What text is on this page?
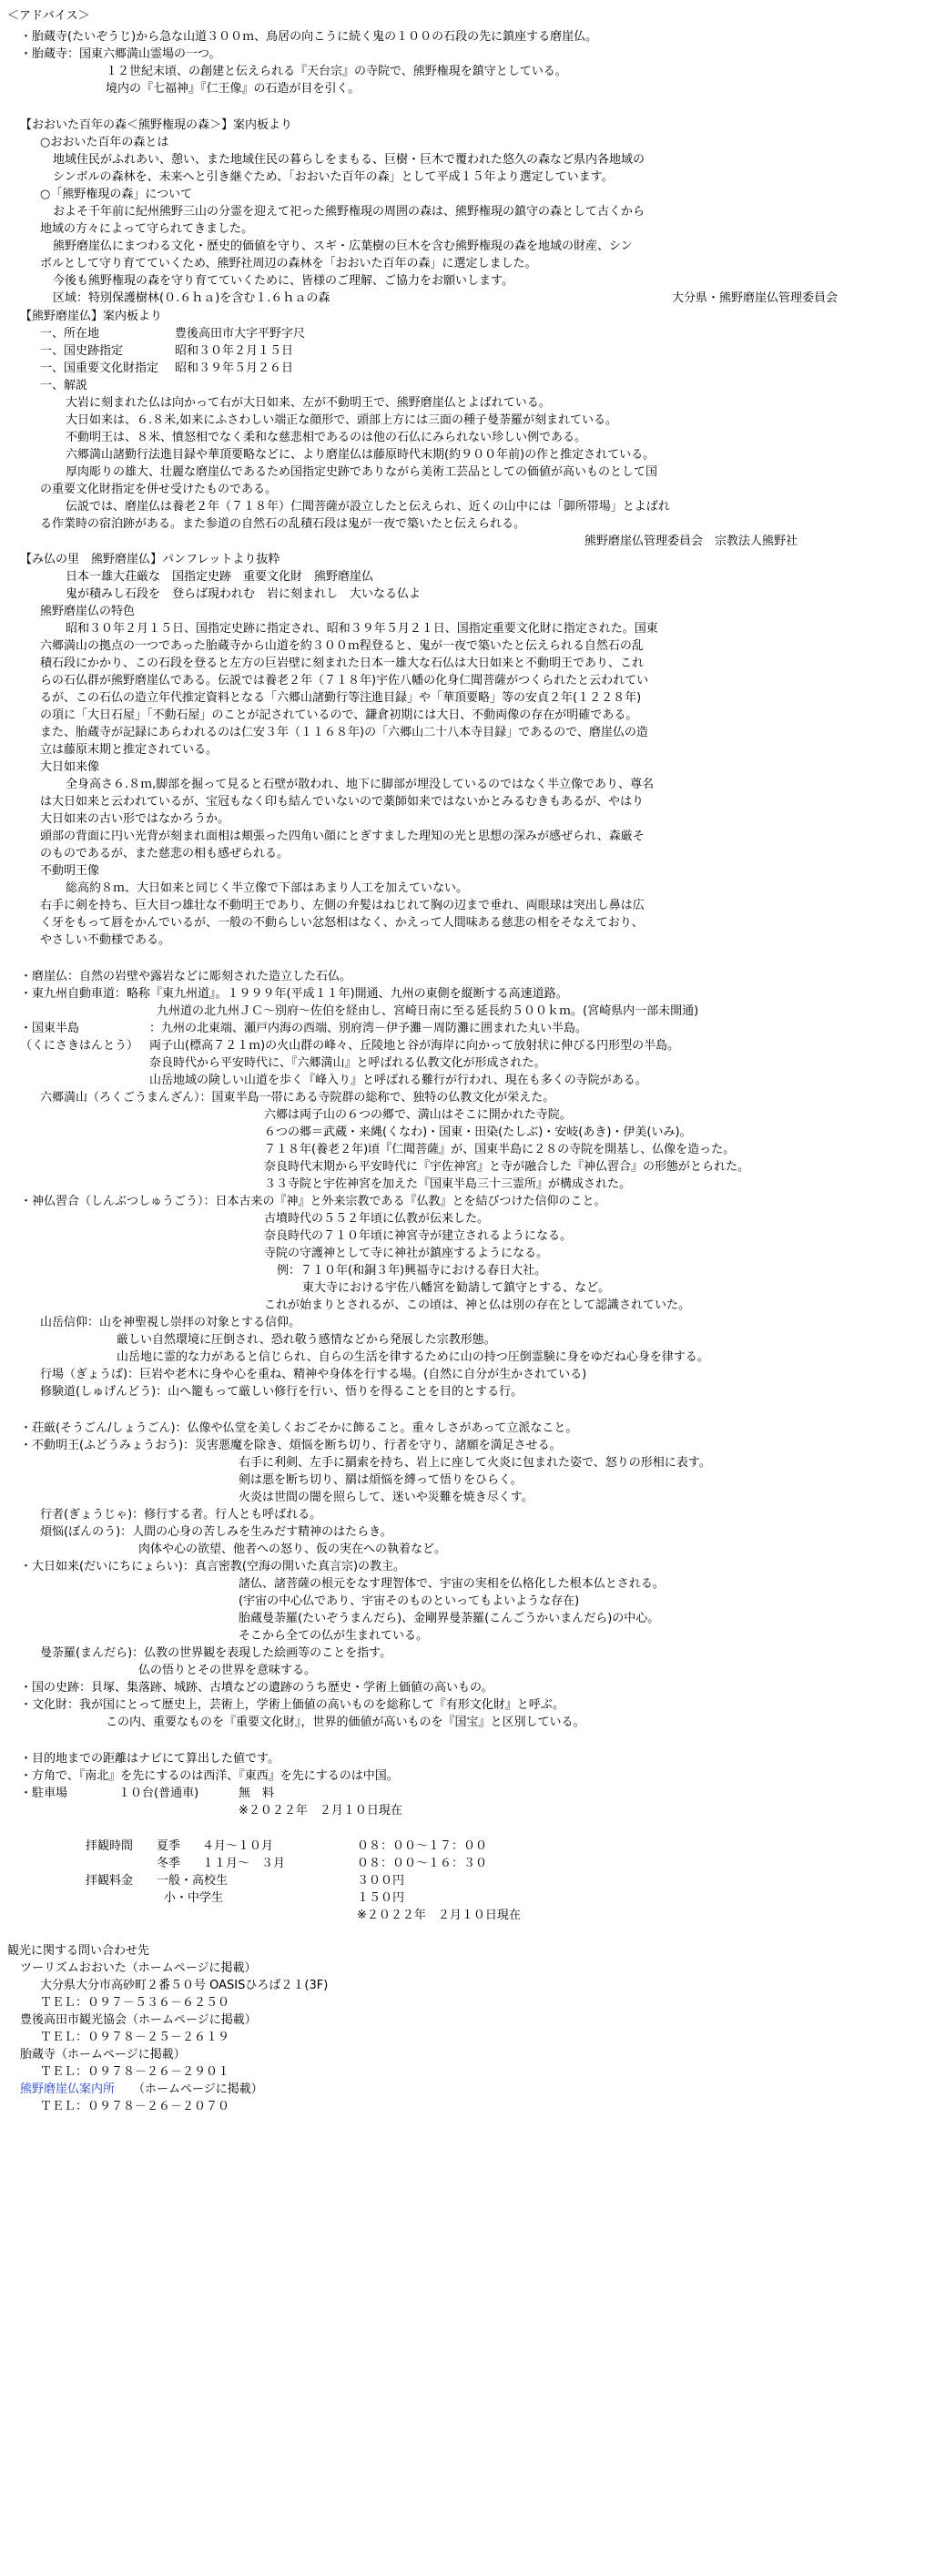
＜アドバイス＞
・胎蔵寺(たいぞうじ)から急な山道３００ｍ、鳥居の向こうに続く鬼の１００の石段の先に鎮座する磨崖仏。
・胎蔵寺：国東六郷満山霊場の一つ。
１２世紀末頃、の創建と伝えられる『天台宗』の寺院で、熊野権現を鎮守としている。
境内の『七福神』『仁王像』の石造が目を引く。
【おおいた百年の森＜熊野権現の森＞】案内板より
○おおいた百年の森とは
地域住民がふれあい、憩い、また地域住民の暮らしをまもる、巨樹・巨木で覆われた悠久の森など県内各地域の
シンボルの森林を、未来へと引き継ぐため、「おおいた百年の森」として平成１５年より選定しています。
○「熊野権現の森」について
およそ千年前に紀州熊野三山の分霊を迎えて祀った熊野権現の周囲の森は、熊野権現の鎮守の森として古くから
地域の方々によって守られてきました。
熊野磨崖仏にまつわる文化・歴史的価値を守り、スギ・広葉樹の巨木を含む熊野権現の森を地域の財産、シン
ボルとして守り育てていくため、熊野社周辺の森林を「おおいた百年の森」に選定しました。
今後も熊野権現の森を守り育てていくために、皆様のご理解、ご協力をお願いします。
区域：特別保護樹林(０.６ｈａ)を含む１.６ｈａの森	大分県・熊野磨崖仏管理委員会
【熊野磨崖仏】案内板より
一、所在地	豊後高田市大字平野字尺
一、国史跡指定	昭和３０年２月１５日
一、国重要文化財指定 昭和３９年５月２６日
一、解説
大岩に刻まれた仏は向かって右が大日如来、左が不動明王で、熊野磨崖仏とよばれている。
大日如来は、６.８米,如来にふさわしい端正な顔形で、頭部上方には三面の種子曼荼羅が刻まれている。
不動明王は、８米、憤怒相でなく柔和な慈悲相であるのは他の石仏にみられない珍しい例である。
六郷満山諸勤行法進目録や華頂要略などに、より磨崖仏は藤原時代末期(約９００年前)の作と推定されている。
厚肉彫りの雄大、壮麗な磨崖仏であるため国指定史跡でありながら美術工芸品としての価値が高いものとして国
の重要文化財指定を併せ受けたものである。
伝説では、磨崖仏は養老２年（７１８年）仁聞菩薩が設立したと伝えられ、近くの山中には「御所帯場」とよばれ
る作業時の宿泊跡がある。また参道の自然石の乱積石段は鬼が一夜で築いたと伝えられる。
熊野磨崖仏管理委員会　宗教法人熊野社
【み仏の里　熊野磨崖仏】パンフレットより抜粋
日本一雄大荘厳な　国指定史跡　重要文化財　熊野磨崖仏
鬼が積みし石段を　登らば現われむ　岩に刻まれし　大いなる仏よ
熊野磨崖仏の特色
昭和３０年２月１５日、国指定史跡に指定され、昭和３９年５月２１日、国指定重要文化財に指定された。国東
六郷満山の拠点の一つであった胎蔵寺から山道を約３００ｍ程登ると、鬼が一夜で築いたと伝えられる自然石の乱
積石段にかかり、この石段を登ると左方の巨岩壁に刻まれた日本一雄大な石仏は大日如来と不動明王であり、これ
らの石仏群が熊野磨崖仏である。伝説では養老２年（７１８年)宇佐八幡の化身仁聞菩薩がつくられたと云われてい
るが、この石仏の造立年代推定資料となる「六郷山諸勤行等注進目録」や「華頂要略」等の安貞２年(１２２８年)
の項に「大日石屋」「不動石屋」のことが記されているので、鎌倉初期には大日、不動両像の存在が明確である。
また、胎蔵寺が記録にあらわれるのは仁安３年（１１６８年)の「六郷山二十八本寺目録」であるので、磨崖仏の造
立は藤原末期と推定されている。
大日如来像
全身高さ６.８ｍ,脚部を掘って見ると石壁が散われ、地下に脚部が埋没しているのではなく半立像であり、尊名
は大日如来と云われているが、宝冠もなく印も結んでいないので薬師如来ではないかとみるむきもあるが、やはり
大日如来の古い形ではなかろうか。
頭部の背面に円い光背が刻まれ面相は頬張った四角い顔にとぎすました理知の光と思想の深みが感ぜられ、森厳そ
のものであるが、また慈悲の相も感ぜられる。
不動明王像
総高約８ｍ、大日如来と同じく半立像で下部はあまり人工を加えていない。
右手に剣を持ち、巨大目つ雄壮な不動明王であり、左側の弁髪はねじれて胸の辺まで垂れ、両眼球は突出し鼻は広
く牙をもって唇をかんでいるが、一般の不動らしい忿怒相はなく、かえって人間味ある慈悲の相をそなえており、
やさしい不動様である。
・磨崖仏：自然の岩壁や露岩などに彫刻された造立した石仏。
・東九州自動車道：略称『東九州道』。１９９９年(平成１１年)開通、九州の東側を縦断する高速道路。
九州道の北九州ＪＣ～別府～佐伯を経由し、宮崎日南に至る延長約５００ｋｍ。(宮崎県内一部未開通)
・国東半島	：九州の北東端、瀬戸内海の西端、別府湾－伊予灘－周防灘に囲まれた丸い半島。
（くにさきはんとう） 両子山(標高７２１ｍ)の火山群の峰々、丘陵地と谷が海岸に向かって放射状に伸びる円形型の半島。
奈良時代から平安時代に、『六郷満山』と呼ばれる仏教文化が形成された。
山岳地域の険しい山道を歩く『峰入り』と呼ばれる難行が行われ、現在も多くの寺院がある。
六郷満山（ろくごうまんざん）：国東半島一帯にある寺院群の総称で、独特の仏教文化が栄えた。
六郷は両子山の６つの郷で、満山はそこに開かれた寺院。
６つの郷＝武蔵・来縄(くなわ)・国東・田染(たしぶ)・安岐(あき)・伊美(いみ)。
７１８年(養老２年)頃『仁聞菩薩』が、国東半島に２８の寺院を開基し、仏像を造った。
奈良時代末期から平安時代に『宇佐神宮』と寺が融合した『神仏習合』の形態がとられた。
３３寺院と宇佐神宮を加えた『国東半島三十三霊所』が構成された。
・神仏習合（しんぶつしゅうごう）：日本古来の『神』と外来宗教である『仏教』とを結びつけた信仰のこと。
古墳時代の５５２年頃に仏教が伝来した。
奈良時代の７１０年頃に神宮寺が建立されるようになる。
寺院の守護神として寺に神社が鎮座するようになる。
例：７１０年(和銅３年)興福寺における春日大社。
東大寺における宇佐八幡宮を勧請して鎮守とする、など。
これが始まりとされるが、この頃は、神と仏は別の存在として認識されていた。
山岳信仰：山を神聖視し崇拝の対象とする信仰。
厳しい自然環境に圧倒され、恐れ敬う感情などから発展した宗教形態。
山岳地に霊的な力があると信じられ、自らの生活を律するために山の持つ圧倒霊験に身をゆだね心身を律する。
行場（ぎょうば)：巨岩や老木に身や心を重ね、精神や身体を行する場。(自然に自分が生かされている)
修験道(しゅげんどう)：山へ籠もって厳しい修行を行い、悟りを得ることを目的とする行。
・荘厳(そうごん/しょうごん)：仏像や仏堂を美しくおごそかに飾ること。重々しさがあって立派なこと。
・不動明王(ふどうみょうおう)：災害悪魔を除き、煩悩を断ち切り、行者を守り、諸願を満足させる。
右手に利剣、左手に羂索を持ち、岩上に座して火炎に包まれた姿で、怒りの形相に表す。
剣は悪を断ち切り、羂は煩悩を縛って悟りをひらく。
火炎は世間の闇を照らして、迷いや災難を焼き尽くす。
行者(ぎょうじゃ)：修行する者。行人とも呼ばれる。
煩悩(ぼんのう)：人間の心身の苦しみを生みだす精神のはたらき。
肉体や心の欲望、他者への怒り、仮の実在への執着など。
・大日如来(だいにちにょらい)：真言密教(空海の開いた真言宗)の教主。
諸仏、諸菩薩の根元をなす理智体で、宇宙の実相を仏格化した根本仏とされる。
(宇宙の中心仏であり、宇宙そのものといってもよいような存在)
胎蔵曼荼羅(たいぞうまんだら)、金剛界曼荼羅(こんごうかいまんだら)の中心。
そこから全ての仏が生まれている。
曼荼羅(まんだら)：仏教の世界観を表現した絵画等のことを指す。
仏の悟りとその世界を意味する。
・国の史跡：貝塚、集落跡、城跡、古墳などの遺跡のうち歴史・学術上価値の高いもの。
・文化財：我が国にとって歴史上，芸術上，学術上価値の高いものを総称して『有形文化財』と呼ぶ。
この内、重要なものを『重要文化財』，世界的価値が高いものを『国宝』と区別している。
・目的地までの距離はナビにて算出した値です。
・方角で、『南北』を先にするのは西洋、『東西』を先にするのは中国。
・駐車場	１０台(普通車)	無　料
※２０２２年　２月１０日現在
拝観時間 夏季 ４月～１０月	０８：００～１７：００
冬季 １１月～　３月	０８：００～１６：３０
拝観料金 一般・高校生	３００円
小・中学生	１５０円
※２０２２年　２月１０日現在
観光に関する問い合わせ先
ツーリズムおおいた（ホームページに掲載）
大分県大分市高砂町２番５０号 OASISひろば２１(3F)
ＴＥＬ：０９７－５３６－６２５０
豊後高田市観光協会（ホームページに掲載）
ＴＥＬ：０９７８－２５－２６１９
胎蔵寺（ホームページに掲載）
ＴＥＬ：０９７８－２６－２９０１
熊野磨崖仏案内所 （ホームページに掲載）
ＴＥＬ：０９７８－２６－２０７０
